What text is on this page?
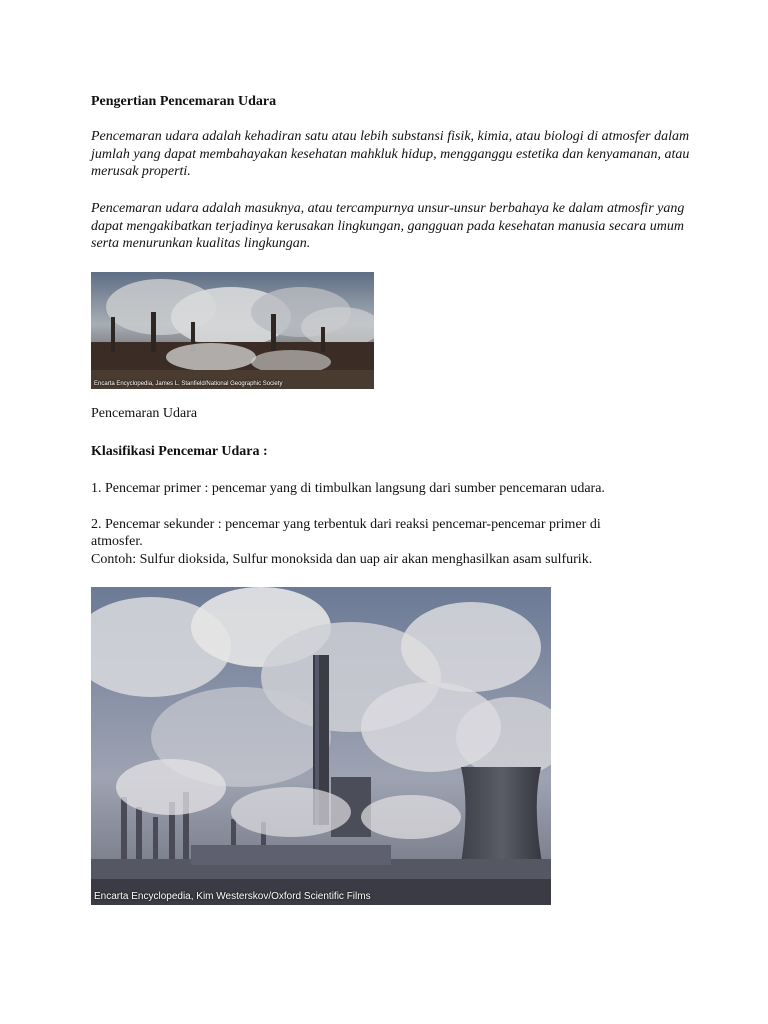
Pengertian Pencemaran Udara
Pencemaran udara adalah kehadiran satu atau lebih substansi fisik, kimia, atau biologi di atmosfer dalam jumlah yang dapat membahayakan kesehatan mahkluk hidup, mengganggu estetika dan kenyamanan, atau merusak properti.
Pencemaran udara adalah masuknya, atau tercampurnya unsur-unsur berbahaya ke dalam atmosfir yang dapat mengakibatkan terjadinya kerusakan lingkungan, gangguan pada kesehatan manusia secara umum serta menurunkan kualitas lingkungan.
Encarta Encyclopedia, James L. Stanfield/National Geographic Society
Pencemaran Udara
Klasifikasi Pencemar Udara :
1. Pencemar primer : pencemar yang di timbulkan langsung dari sumber pencemaran udara.
2. Pencemar sekunder : pencemar yang terbentuk dari reaksi pencemar-pencemar primer di atmosfer.
Contoh: Sulfur dioksida, Sulfur monoksida dan uap air akan menghasilkan asam sulfurik.
Encarta Encyclopedia, Kim Westerskov/Oxford Scientific Films
